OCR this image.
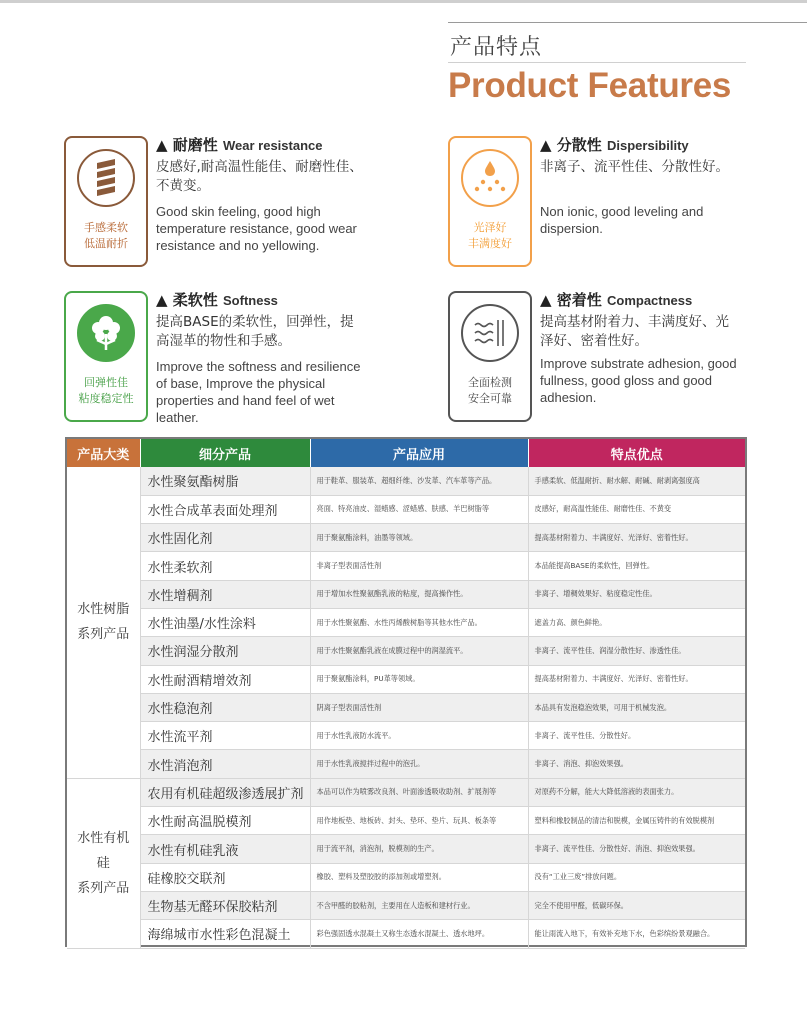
产品特点
Product Features
手感柔软
低温耐折
▲ 耐磨性 Wear resistance
皮感好,耐高温性能佳、耐磨性佳、不黄变。
Good skin feeling, good high temperature resistance, good wear resistance and no yellowing.
光泽好
丰满度好
▲ 分散性 Dispersibility
非离子、流平性佳、分散性好。
Non ionic, good leveling and dispersion.
回弹性佳
粘度稳定性
▲ 柔软性 Softness
提高BASE的柔软性，回弹性，提高湿革的物性和手感。
Improve the softness and resilience of base, Improve the physical properties and hand feel of wet leather.
全面检测
安全可靠
▲ 密着性 Compactness
提高基材附着力、丰满度好、光泽好、密着性好。
Improve substrate adhesion, good fullness, good gloss and good adhesion.
产品大类	细分产品	产品应用	特点优点

水性树脂
系列产品	水性聚氨酯树脂	用于鞋革、服装革、超细纤维、沙发革、汽车革等产品。	手感柔软、低温耐折、耐水解、耐碱、耐剥离强度高
	水性合成革表面处理剂	亮面、特亮油皮、湿蜡感、涩蜡感、肤感、羊巴树脂等	皮感好，耐高温性能佳、耐磨性佳、不黄变
	水性固化剂	用于聚氨酯涂料，油墨等领域。	提高基材附着力、丰满度好、光泽好、密着性好。
	水性柔软剂	非离子型表面活性剂	本品能提高BASE的柔软性，回弹性。
	水性增稠剂	用于增加水性聚氨酯乳液的粘度，提高操作性。	非离子、增稠效果好、粘度稳定性佳。
	水性油墨/水性涂料	用于水性聚氨酯、水性丙烯酸树脂等其他水性产品。	遮盖力高、颜色鲜艳。
	水性润湿分散剂	用于水性聚氨酯乳液在成膜过程中的润湿流平。	非离子、流平性佳、润湿分散性好、渗透性佳。
	水性耐酒精增效剂	用于聚氨酯涂料，PU革等领域。	提高基材附着力、丰满度好、光泽好、密着性好。
	水性稳泡剂	阴离子型表面活性剂	本品具有发泡稳泡效果，可用于机械发泡。
	水性流平剂	用于水性乳液防水流平。	非离子、流平性佳、分散性好。
	水性消泡剂	用于水性乳液搅拌过程中的泡孔。	非离子、消泡、抑泡效果强。

水性有机硅
系列产品	农用有机硅超级渗透展扩剂	本品可以作为喷雾改良剂、叶面渗透吸收助剂、扩展剂等	对原药不分解，能大大降低溶液的表面张力。
	水性耐高温脱模剂	用作地板垫、地板砖、封头、垫环、垫片、玩具、板条等	塑料和橡胶制品的清洁和脱模，金属压铸件的有效脱模剂
	水性有机硅乳液	用于流平剂，消泡剂，脱模剂的生产。	非离子、流平性佳、分散性好、消泡、抑泡效果强。
	硅橡胶交联剂	橡胶、塑料及塑胶胶的添加剂或增塑剂。	没有“工业三废”排放问题。
	生物基无醛环保胶粘剂	不含甲醛的胶粘剂，主要用在人造板和建材行业。	完全不使用甲醛，低碳环保。
	海绵城市水性彩色混凝土	彩色强固透水混凝土又称生态透水混凝土、透水地坪。	能让雨流入地下，有效补充地下水，色彩缤纷景观融合。
